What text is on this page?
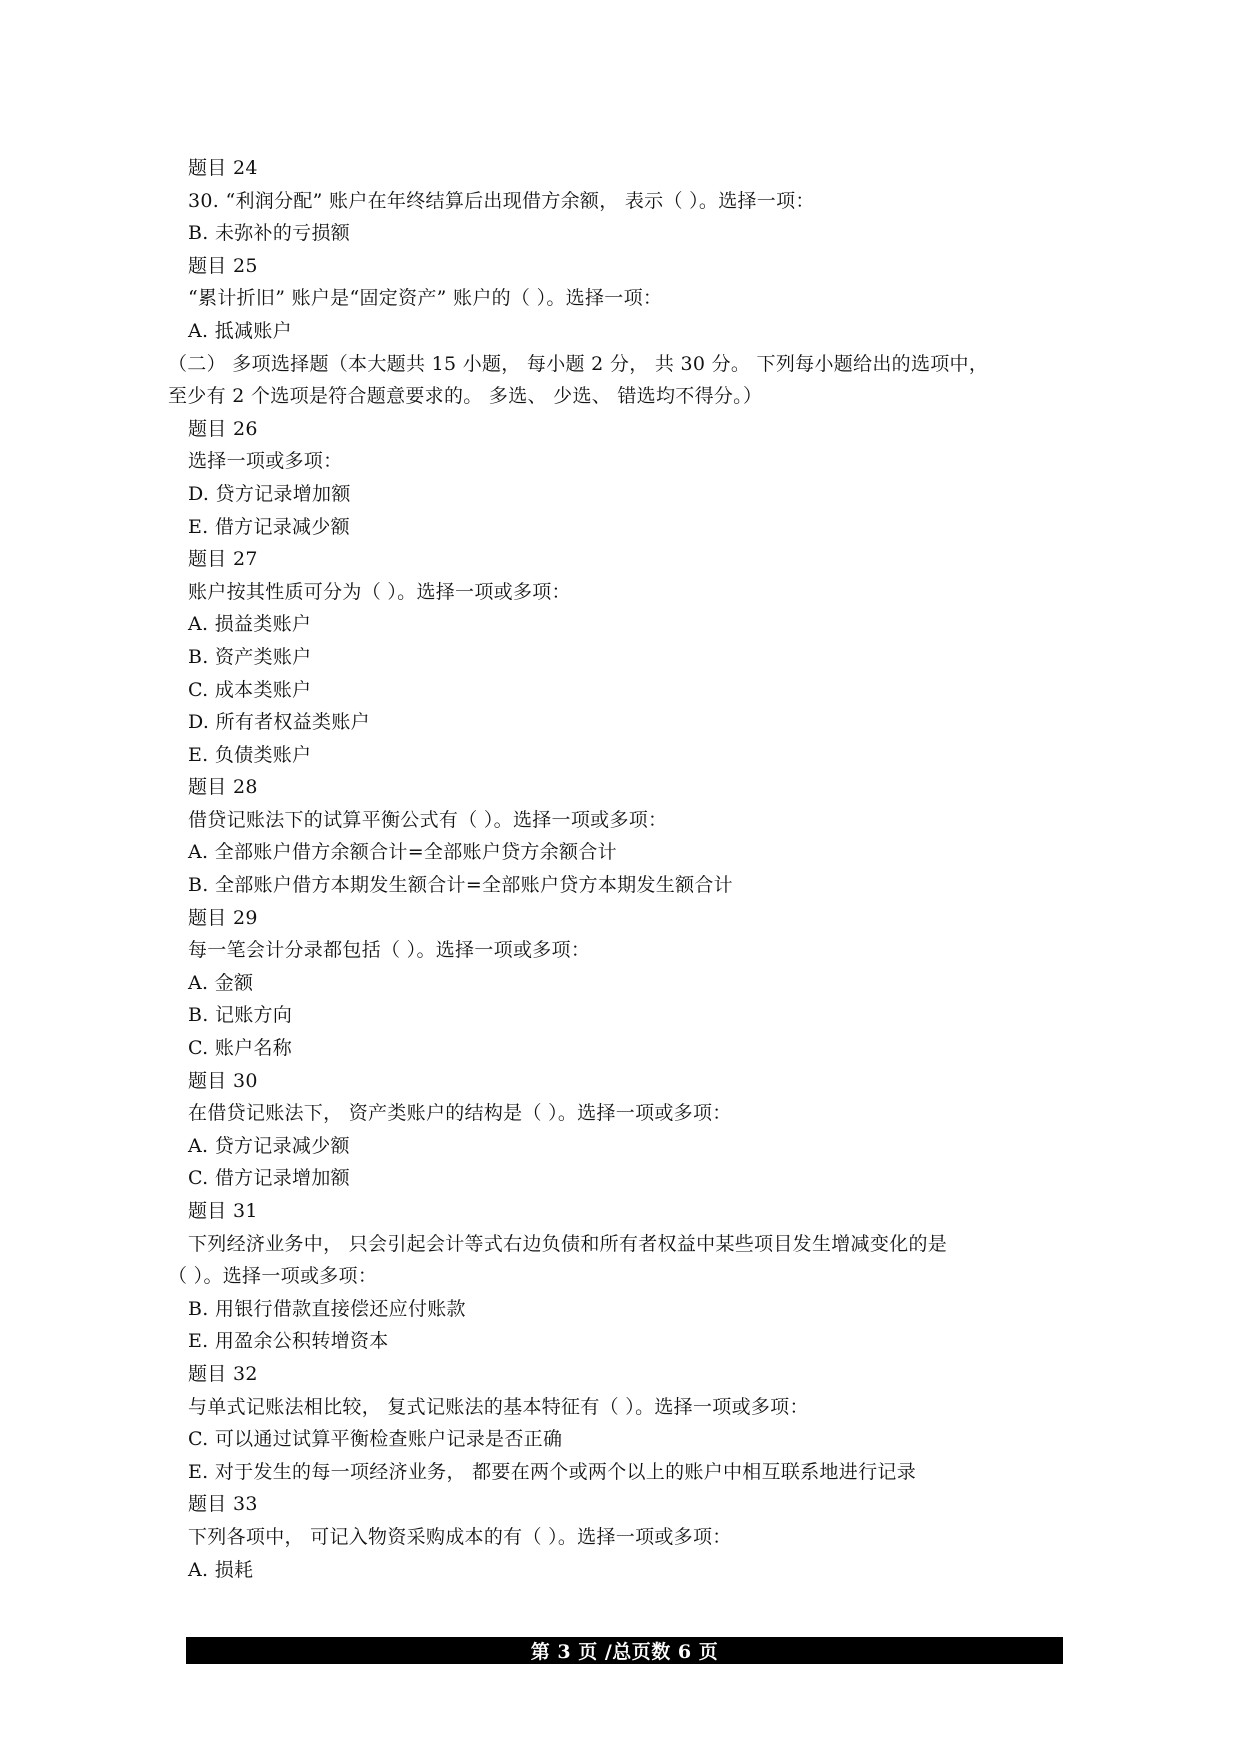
题目 24
30. “利润分配” 账户在年终结算后出现借方余额， 表示（ ）。选择一项：
B. 未弥补的亏损额
题目 25
“累计折旧” 账户是“固定资产” 账户的（ ）。选择一项：
A. 抵减账户
（二） 多项选择题（本大题共 15 小题， 每小题 2 分， 共 30 分。 下列每小题给出的选项中，
至少有 2 个选项是符合题意要求的。 多选、 少选、 错选均不得分。）
题目 26
选择一项或多项：
D. 贷方记录增加额
E. 借方记录减少额
题目 27
账户按其性质可分为（ ）。选择一项或多项：
A. 损益类账户
B. 资产类账户
C. 成本类账户
D. 所有者权益类账户
E. 负债类账户
题目 28
借贷记账法下的试算平衡公式有（ ）。选择一项或多项：
A. 全部账户借方余额合计=全部账户贷方余额合计
B. 全部账户借方本期发生额合计=全部账户贷方本期发生额合计
题目 29
每一笔会计分录都包括（ ）。选择一项或多项：
A. 金额
B. 记账方向
C. 账户名称
题目 30
在借贷记账法下， 资产类账户的结构是（ ）。选择一项或多项：
A. 贷方记录减少额
C. 借方记录增加额
题目 31
下列经济业务中， 只会引起会计等式右边负债和所有者权益中某些项目发生增减变化的是
（ ）。选择一项或多项：
B. 用银行借款直接偿还应付账款
E. 用盈余公积转增资本
题目 32
与单式记账法相比较， 复式记账法的基本特征有（ ）。选择一项或多项：
C. 可以通过试算平衡检查账户记录是否正确
E. 对于发生的每一项经济业务， 都要在两个或两个以上的账户中相互联系地进行记录
题目 33
下列各项中， 可记入物资采购成本的有（ ）。选择一项或多项：
A. 损耗
第 3 页 /总页数 6 页
